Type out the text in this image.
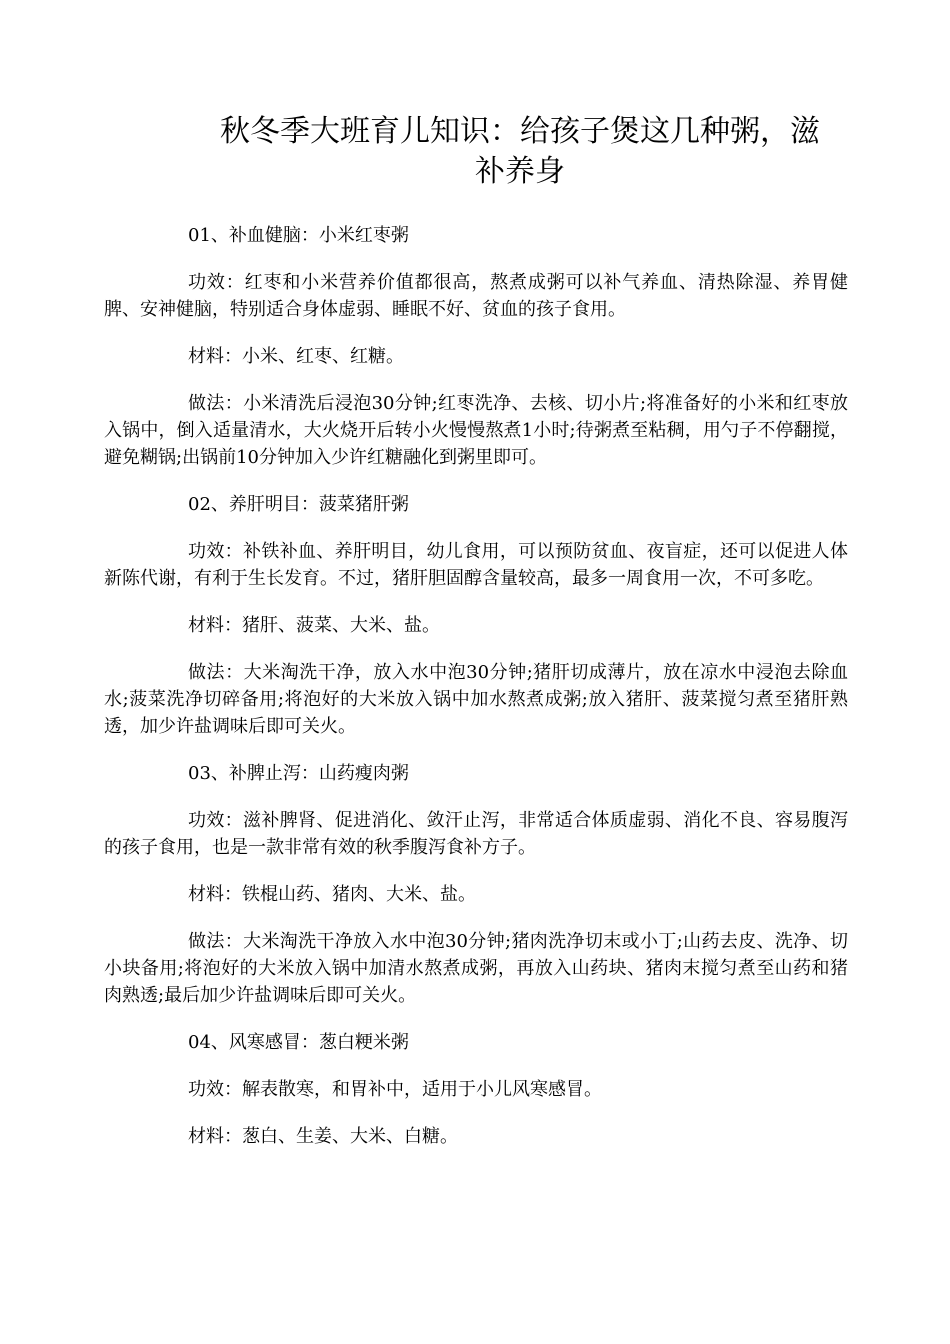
秋冬季大班育儿知识：给孩子煲这几种粥，滋
补养身

01、补血健脑：小米红枣粥

功效：红枣和小米营养价值都很高，熬煮成粥可以补气养血、清热除湿、养胃健脾、安神健脑，特别适合身体虚弱、睡眠不好、贫血的孩子食用。

材料：小米、红枣、红糖。

做法：小米清洗后浸泡30分钟;红枣洗净、去核、切小片;将准备好的小米和红枣放入锅中，倒入适量清水，大火烧开后转小火慢慢熬煮1小时;待粥煮至粘稠，用勺子不停翻搅，避免糊锅;出锅前10分钟加入少许红糖融化到粥里即可。

02、养肝明目：菠菜猪肝粥

功效：补铁补血、养肝明目，幼儿食用，可以预防贫血、夜盲症，还可以促进人体新陈代谢，有利于生长发育。不过，猪肝胆固醇含量较高，最多一周食用一次，不可多吃。

材料：猪肝、菠菜、大米、盐。

做法：大米淘洗干净，放入水中泡30分钟;猪肝切成薄片，放在凉水中浸泡去除血水;菠菜洗净切碎备用;将泡好的大米放入锅中加水熬煮成粥;放入猪肝、菠菜搅匀煮至猪肝熟透，加少许盐调味后即可关火。

03、补脾止泻：山药瘦肉粥

功效：滋补脾肾、促进消化、敛汗止泻，非常适合体质虚弱、消化不良、容易腹泻的孩子食用，也是一款非常有效的秋季腹泻食补方子。

材料：铁棍山药、猪肉、大米、盐。

做法：大米淘洗干净放入水中泡30分钟;猪肉洗净切末或小丁;山药去皮、洗净、切小块备用;将泡好的大米放入锅中加清水熬煮成粥，再放入山药块、猪肉末搅匀煮至山药和猪肉熟透;最后加少许盐调味后即可关火。

04、风寒感冒：葱白粳米粥

功效：解表散寒，和胃补中，适用于小儿风寒感冒。

材料：葱白、生姜、大米、白糖。
